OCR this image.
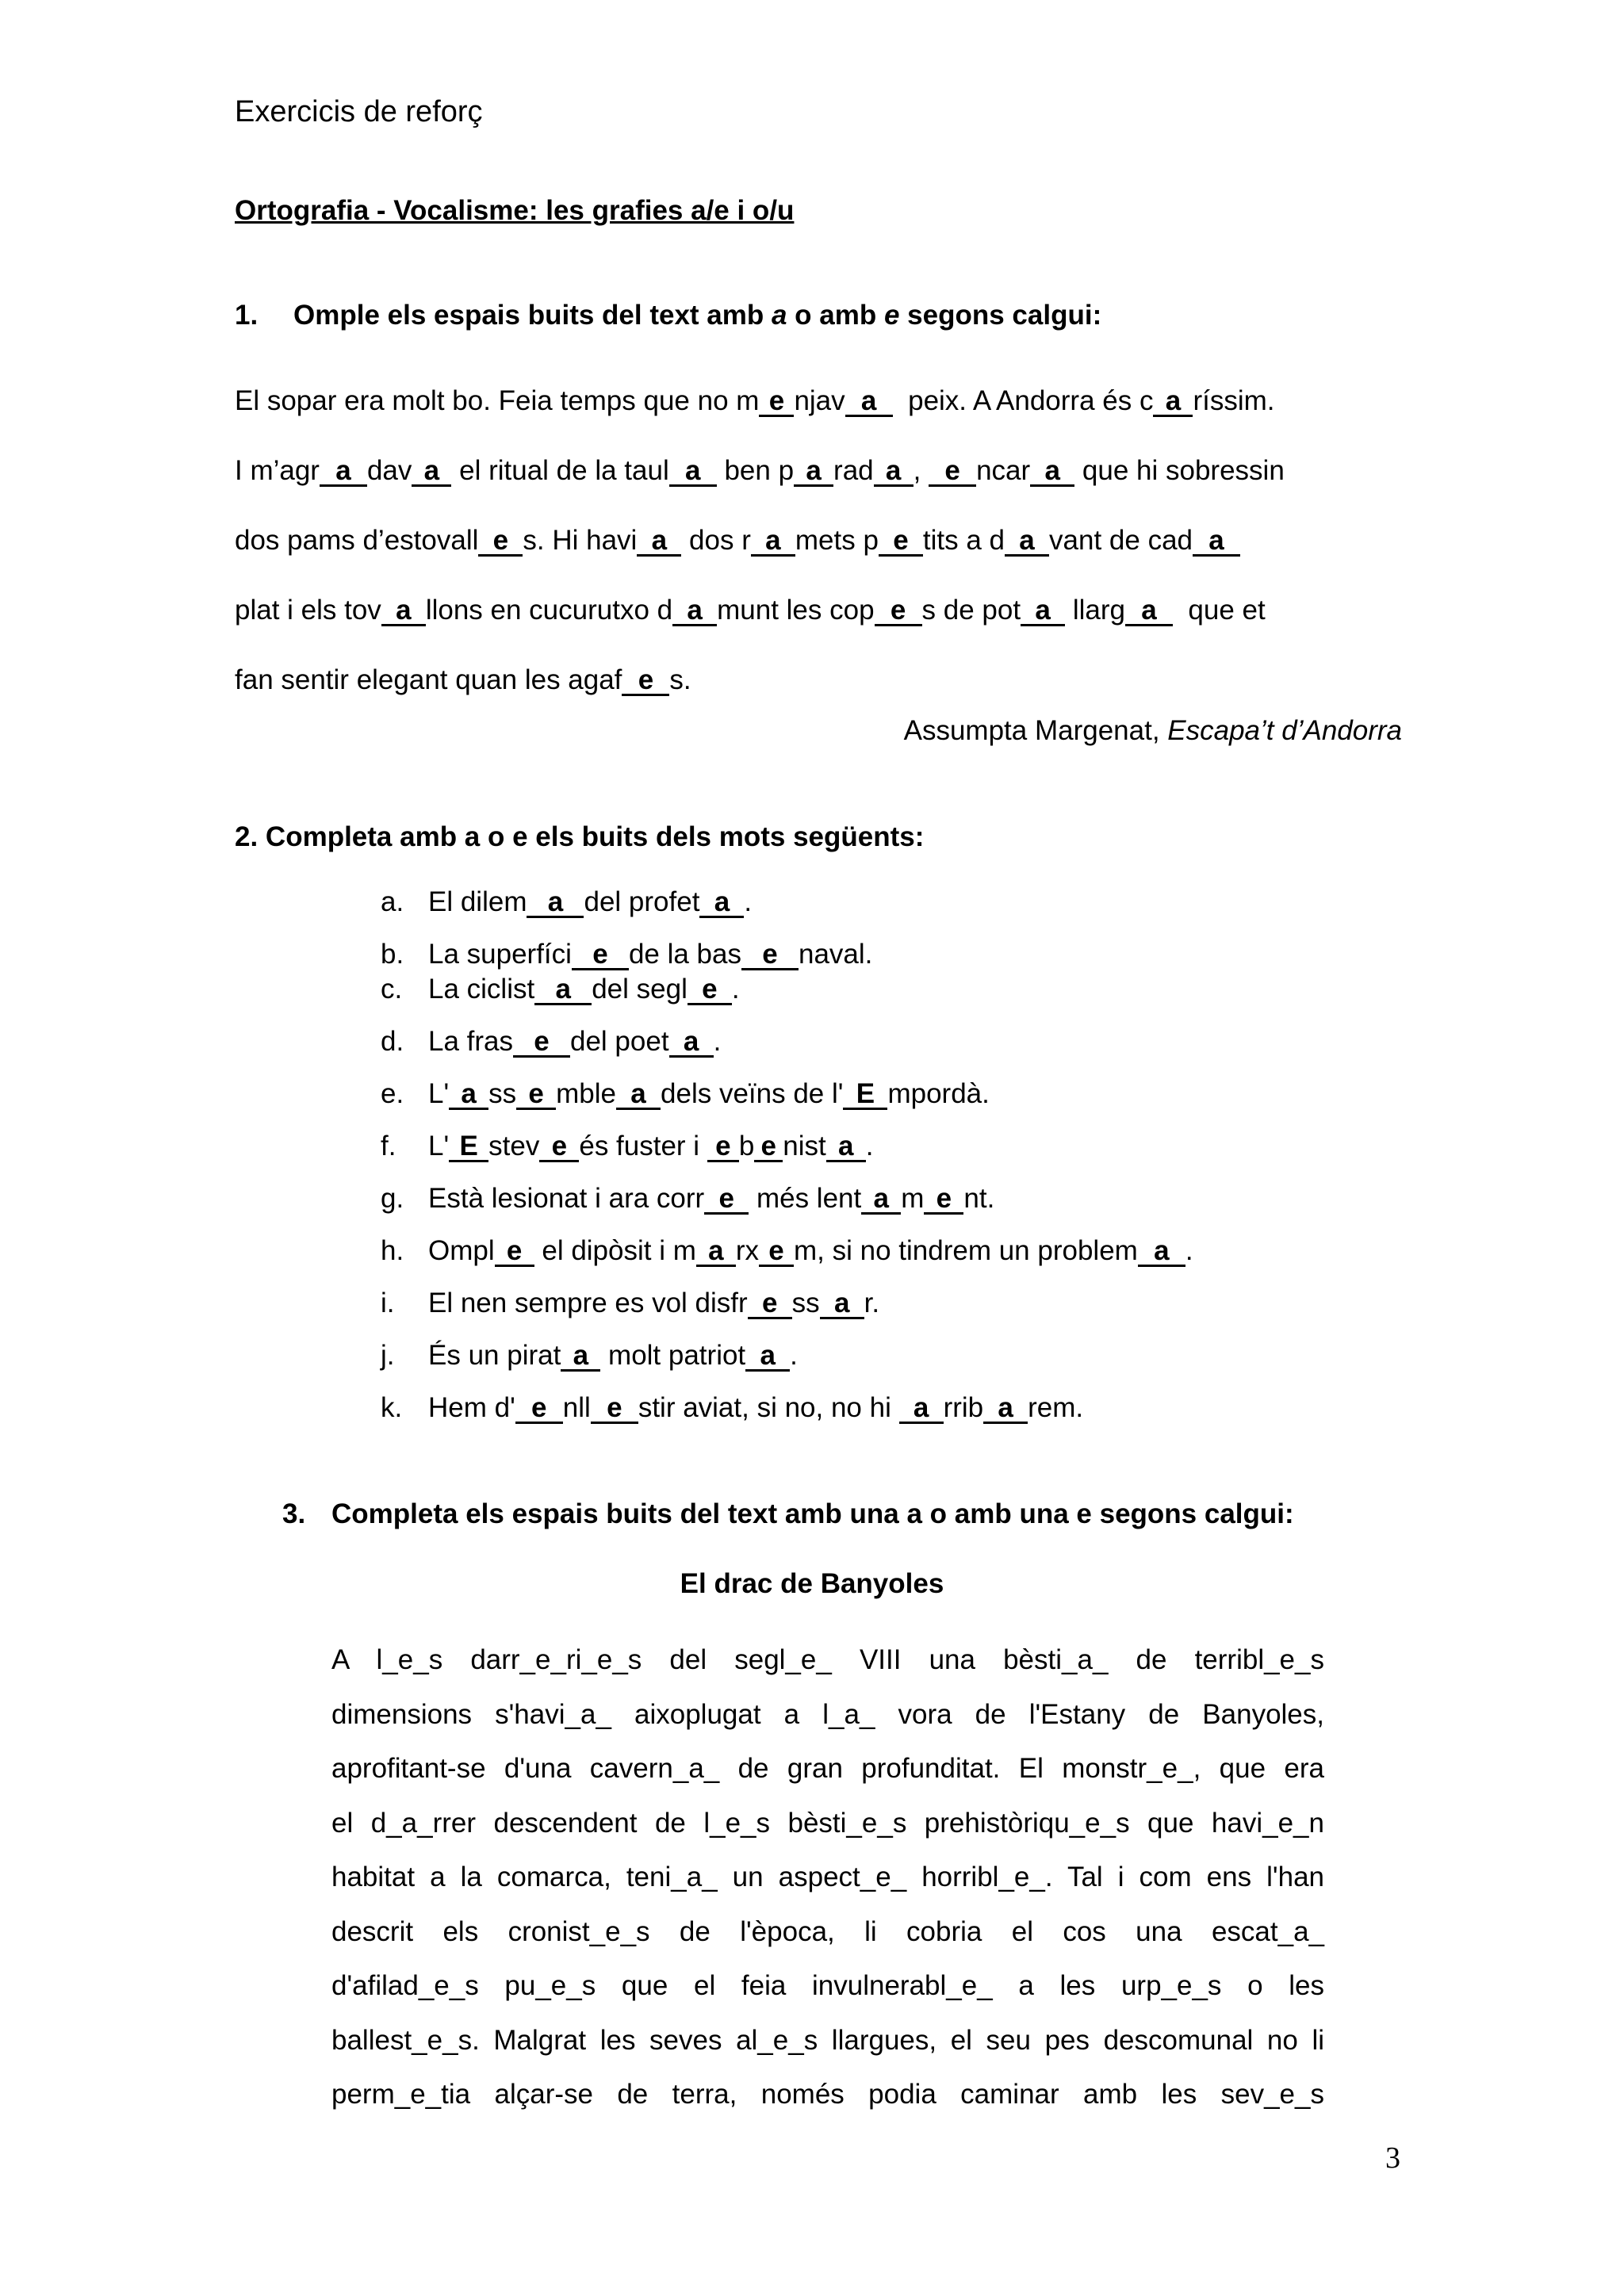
Exercicis de reforç
Ortografia - Vocalisme: les grafies a/e i o/u
1. Omple els espais buits del text amb a o amb e segons calgui:
El sopar era molt bo. Feia temps que no m e njav a  peix. A Andorra és c a ríssim.
I m’agr a dav a el ritual de la taul a ben p a rad a , e ncar a que hi sobressin
dos pams d’estovall e s. Hi havi a dos r a mets p e tits a d a vant de cad a
plat i els tov a llons en cucurutxo d a munt les cop e s de pot a llarg a  que et
fan sentir elegant quan les agaf e s.
Assumpta Margenat, Escapa’t d’Andorra
2. Completa amb a o e els buits dels mots següents:
a. El dilem a del profet a .
b. La superfíci e de la bas e naval.
c. La ciclist a del segl e .
d. La fras e del poet a .
e. L' a ss e mble a dels veïns de l' E mpordà.
f.	L' E stev e és fuster i e b e nist a .
g. Està lesionat i ara corr e més lent a m e nt.
h. Ompl e el dipòsit i m a rx e m, si no tindrem un problem a .
i.	El nen sempre es vol disfr e ss a r.
j.	És un pirat a molt patriot a .
k. Hem d' e nll e stir aviat, si no, no hi a rrib a rem.
3. Completa els espais buits del text amb una a o amb una e segons calgui:
El drac de Banyoles
A l_e_s darr_e_ri_e_s del segl_e_ VIII una bèsti_a_ de terribl_e_s
dimensions s'havi_a_ aixoplugat a l_a_ vora de l'Estany de Banyoles,
aprofitant-se d'una cavern_a_ de gran profunditat. El monstr_e_, que era
el d_a_rrer descendent de l_e_s bèsti_e_s prehistòriqu_e_s que havi_e_n
habitat a la comarca, teni_a_ un aspect_e_ horribl_e_. Tal i com ens l'han
descrit els cronist_e_s de l'època, li cobria el cos una escat_a_
d'afilad_e_s pu_e_s que el feia invulnerabl_e_ a les urp_e_s o les
ballest_e_s. Malgrat les seves al_e_s llargues, el seu pes descomunal no li
perm_e_tia alçar-se de terra, només podia caminar amb les sev_e_s
3
